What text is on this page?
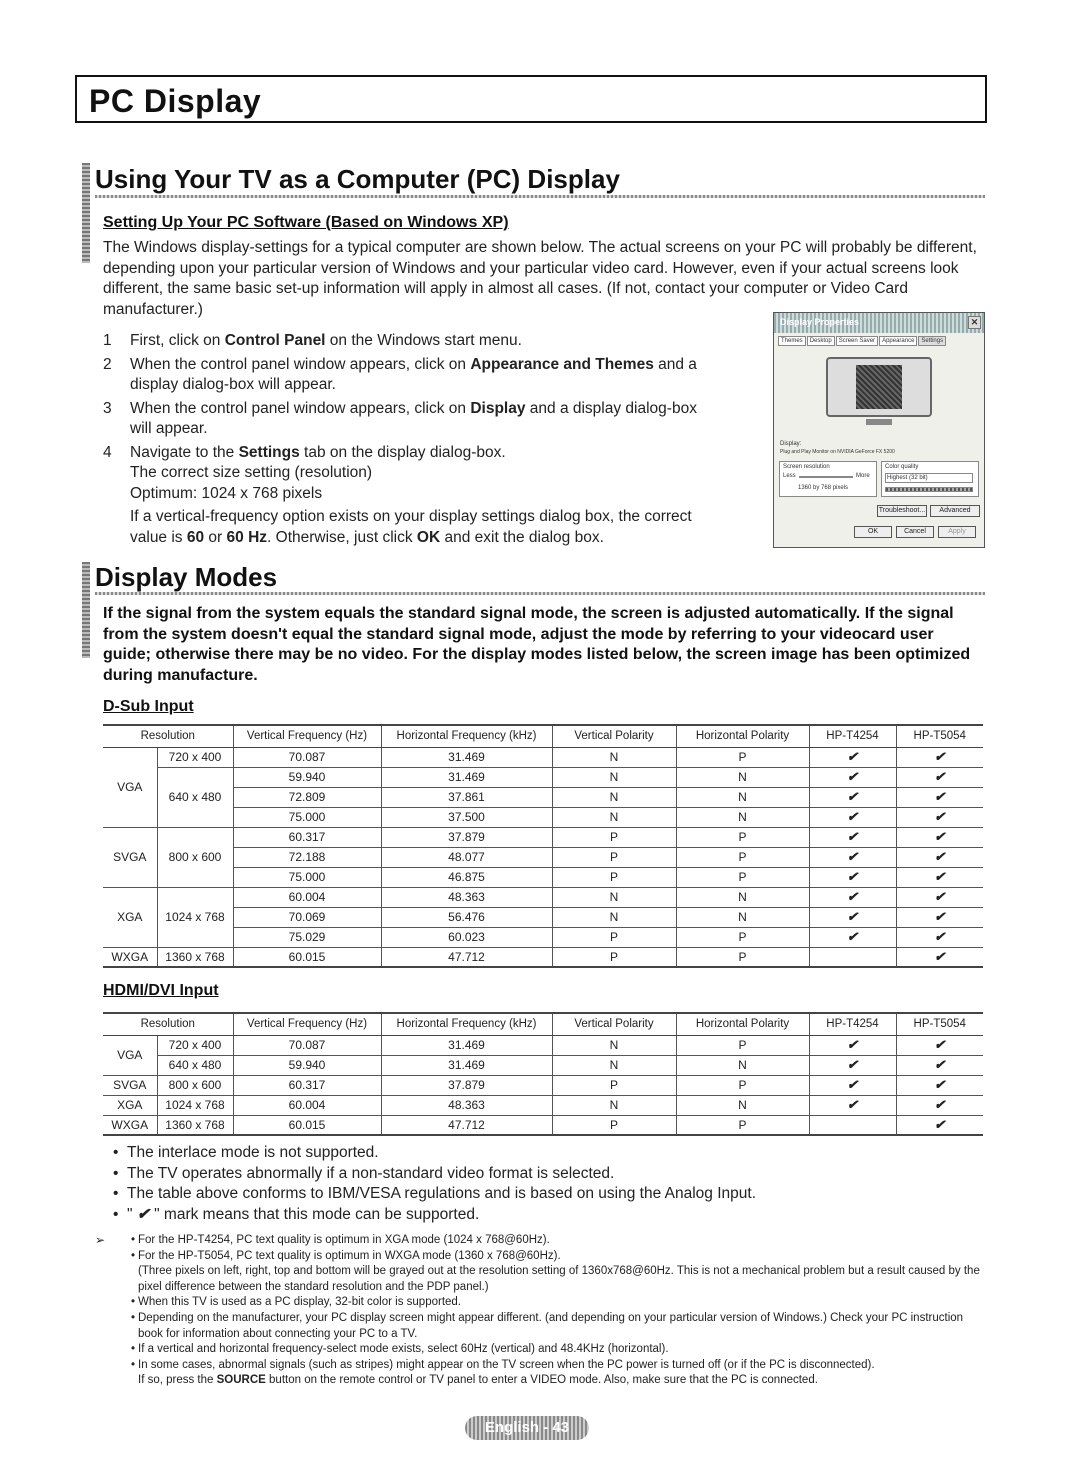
PC Display
Using Your TV as a Computer (PC) Display
Setting Up Your PC Software (Based on Windows XP)
The Windows display-settings for a typical computer are shown below. The actual screens on your PC will probably be different, depending upon your particular version of Windows and your particular video card. However, even if your actual screens look different, the same basic set-up information will apply in almost all cases. (If not, contact your computer or Video Card manufacturer.)
1	First, click on Control Panel on the Windows start menu.
2	When the control panel window appears, click on Appearance and Themes and a display dialog-box will appear.
3	When the control panel window appears, click on Display and a display dialog-box will appear.
4	Navigate to the Settings tab on the display dialog-box.
The correct size setting (resolution)
Optimum: 1024 x 768 pixels
If a vertical-frequency option exists on your display settings dialog box, the correct value is 60 or 60 Hz. Otherwise, just click OK and exit the dialog box.
Display Properties	✕
Themes	Desktop	Screen Saver	Appearance	Settings
Display:
Plug and Play Monitor on NVIDIA GeForce FX 5200
Screen resolution
Less	More
1360 by 768 pixels
Color quality
Highest (32 bit)
Troubleshoot...	Advanced
OK	Cancel	Apply
Display Modes
If the signal from the system equals the standard signal mode, the screen is adjusted automatically. If the signal from the system doesn't equal the standard signal mode, adjust the mode by referring to your videocard user guide; otherwise there may be no video. For the display modes listed below, the screen image has been optimized during manufacture.
D-Sub Input
Resolution		Vertical Frequency (Hz)	Horizontal Frequency (kHz)	Vertical Polarity	Horizontal Polarity	HP-T4254	HP-T5054
VGA	720 x 400	70.087	31.469	N	P	✔	✔
	640 x 480	59.940	31.469	N	N	✔	✔
		72.809	37.861	N	N	✔	✔
		75.000	37.500	N	N	✔	✔
SVGA	800 x 600	60.317	37.879	P	P	✔	✔
		72.188	48.077	P	P	✔	✔
		75.000	46.875	P	P	✔	✔
XGA	1024 x 768	60.004	48.363	N	N	✔	✔
		70.069	56.476	N	N	✔	✔
		75.029	60.023	P	P	✔	✔
WXGA	1360 x 768	60.015	47.712	P	P		✔
HDMI/DVI Input
Resolution		Vertical Frequency (Hz)	Horizontal Frequency (kHz)	Vertical Polarity	Horizontal Polarity	HP-T4254	HP-T5054
VGA	720 x 400	70.087	31.469	N	P	✔	✔
	640 x 480	59.940	31.469	N	N	✔	✔
SVGA	800 x 600	60.317	37.879	P	P	✔	✔
XGA	1024 x 768	60.004	48.363	N	N	✔	✔
WXGA	1360 x 768	60.015	47.712	P	P		✔
• The interlace mode is not supported.
• The TV operates abnormally if a non-standard video format is selected.
• The table above conforms to IBM/VESA regulations and is based on using the Analog Input.
• " ✔ " mark means that this mode can be supported.
➢	• For the HP-T4254, PC text quality is optimum in XGA mode (1024 x 768@60Hz).
• For the HP-T5054, PC text quality is optimum in WXGA mode (1360 x 768@60Hz).
(Three pixels on left, right, top and bottom will be grayed out at the resolution setting of 1360x768@60Hz. This is not a mechanical problem but a result caused by the pixel difference between the standard resolution and the PDP panel.)
• When this TV is used as a PC display, 32-bit color is supported.
• Depending on the manufacturer, your PC display screen might appear different. (and depending on your particular version of Windows.) Check your PC instruction book for information about connecting your PC to a TV.
• If a vertical and horizontal frequency-select mode exists, select 60Hz (vertical) and 48.4KHz (horizontal).
• In some cases, abnormal signals (such as stripes) might appear on the TV screen when the PC power is turned off (or if the PC is disconnected).
If so, press the SOURCE button on the remote control or TV panel to enter a VIDEO mode. Also, make sure that the PC is connected.
English - 43
